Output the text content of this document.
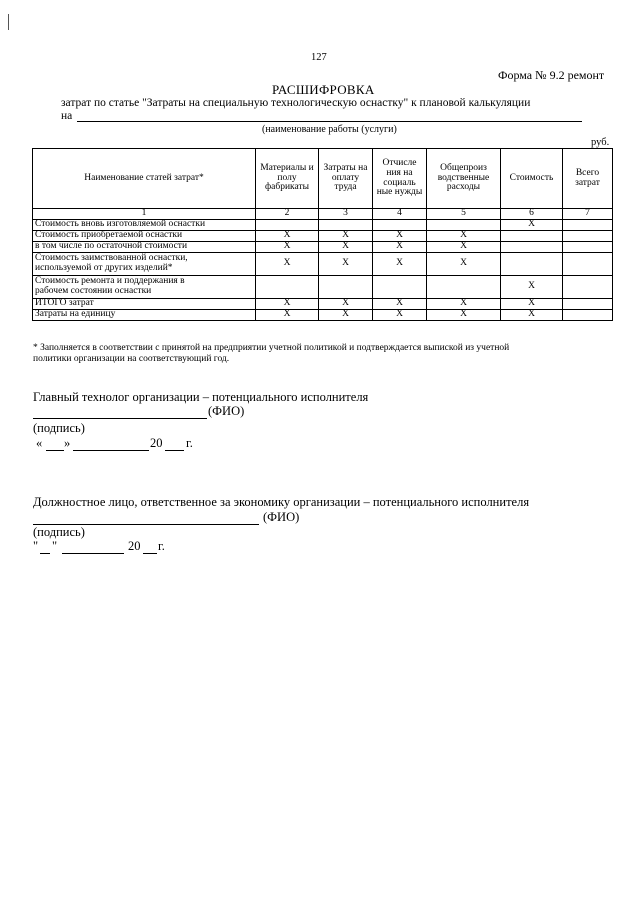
127
Форма № 9.2 ремонт
РАСШИФРОВКА
затрат по статье "Затраты на специальную технологическую оснастку" к плановой калькуляции
на
(наименование работы (услуги)
руб.
Наименование статей затрат*	Материалы и полу фабрикаты	Затраты на оплату труда	Отчисле ния на социаль ные нужды	Общепроиз водственные расходы	Стоимость	Всего затрат
1	2	3	4	5	6	7
Стоимость вновь изготовляемой оснастки					X	
Стоимость приобретаемой оснастки	X	X	X	X		
в том числе по остаточной стоимости	X	X	X	X		
Стоимость заимствованной оснастки,
используемой от других изделий*	X	X	X	X		
Стоимость ремонта и поддержания в
рабочем состоянии оснастки					X	
ИТОГО затрат	X	X	X	X	X	
Затраты на единицу	X	X	X	X	X	
* Заполняется в соответствии с принятой на предприятии учетной политикой и подтверждается выпиской из учетной
политики организации на соответствующий год.
Главный технолог организации – потенциального исполнителя
(ФИО)
(подпись)
« »	20 г.
Должностное лицо, ответственное за экономику организации – потенциального исполнителя
(ФИО)
(подпись)
" "	20 г.
